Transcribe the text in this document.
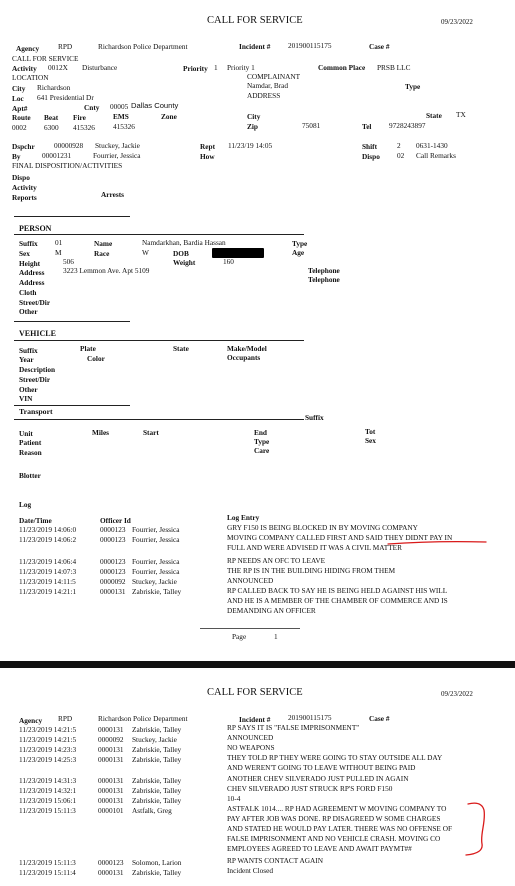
CALL FOR SERVICE	09/23/2022
Agency	RPD	Richardson Police Department	Incident # 201900115175	Case #
CALL FOR SERVICE
Activity 0012X Disturbance	Priority 1 Priority 1	Common Place PRSB LLC
LOCATION	COMPLAINANT
Namdar, Brad	Type
ADDRESS
City Richardson
Loc 641 Presidential Dr
Apt#	Cnty 00005 Dallas County
Route Beat Fire	EMS	Zone
0002 6300 415326 415326
City	State TX
Zip	75081	Tel 9728243897
Dspchr	00000928 Stuckey, Jackie	Rept 11/23/19 14:05	Shift	2 0631-1430
By	00001231	Fourrier, Jessica	How	Dispo 02 Call Remarks
FINAL DISPOSITION/ACTIVITIES
Dispo
Activity
Reports	Arrests
PERSON
Suffix 01	Name	Namdarkhan, Bardia Hassan	Type
Sex	M	Race	W	DOB	Age
Height	506	Weight	160
Address	3223 Lemmon Ave. Apt 5109	Telephone
Address	Telephone
Cloth
Street/Dir
Other
VEHICLE
Suffix	Plate	State	Make/Model
Year	Color	Occupants
Description
Street/Dir
Other
VIN
Transport
Suffix
Unit	Miles	Start	End	Tot
Patient	Type	Sex
Reason	Care
Blotter
Log
Date/Time	Officer Id	Log Entry
11/23/2019 14:06:0	0000123 Fourrier, Jessica	GRY F150 IS BEING BLOCKED IN BY MOVING COMPANY
11/23/2019 14:06:2	0000123 Fourrier, Jessica	MOVING COMPANY CALLED FIRST AND SAID THEY DIDNT PAY IN
FULL AND WERE ADVISED IT WAS A CIVIL MATTER
11/23/2019 14:06:4	0000123 Fourrier, Jessica	RP NEEDS AN OFC TO LEAVE
11/23/2019 14:07:3	0000123 Fourrier, Jessica	THE RP IS IN THE BUILDING HIDING FROM THEM
11/23/2019 14:11:5	0000092 Stuckey, Jackie	ANNOUNCED
11/23/2019 14:21:1	0000131 Zabriskie, Talley	RP CALLED BACK TO SAY HE IS BEING HELD AGAINST HIS WILL
AND HE IS A MEMBER OF THE CHAMBER OF COMMERCE AND IS
DEMANDING AN OFFICER
Page	1
CALL FOR SERVICE	09/23/2022
Agency RPD	Richardson Police Department	Incident # 201900115175	Case #
11/23/2019 14:21:5	0000131 Zabriskie, Talley	RP SAYS IT IS "FALSE IMPRISONMENT"
11/23/2019 14:21:5	0000092 Stuckey, Jackie	ANNOUNCED
11/23/2019 14:23:3	0000131 Zabriskie, Talley	NO WEAPONS
11/23/2019 14:25:3	0000131 Zabriskie, Talley	THEY TOLD RP THEY WERE GOING TO STAY OUTSIDE ALL DAY
AND WEREN'T GOING TO LEAVE WITHOUT BEING PAID
11/23/2019 14:31:3	0000131 Zabriskie, Talley	ANOTHER CHEV SILVERADO JUST PULLED IN AGAIN
11/23/2019 14:32:1	0000131 Zabriskie, Talley	CHEV SILVERADO JUST STRUCK RP'S FORD F150
11/23/2019 15:06:1	0000131 Zabriskie, Talley	10-4
11/23/2019 15:11:3	0000101 Astfalk, Greg	ASTFALK 1014.... RP HAD AGREEMENT W MOVING COMPANY TO
PAY AFTER JOB WAS DONE. RP DISAGREED W SOME CHARGES
AND STATED HE WOULD PAY LATER. THERE WAS NO OFFENSE OF
FALSE IMPRISONMENT AND NO VEHICLE CRASH. MOVING CO
EMPLOYEES AGREED TO LEAVE AND AWAIT PAYMT##
11/23/2019 15:11:3	0000123 Solomon, Larion	RP WANTS CONTACT AGAIN
11/23/2019 15:11:4	0000131 Zabriskie, Talley	Incident Closed
